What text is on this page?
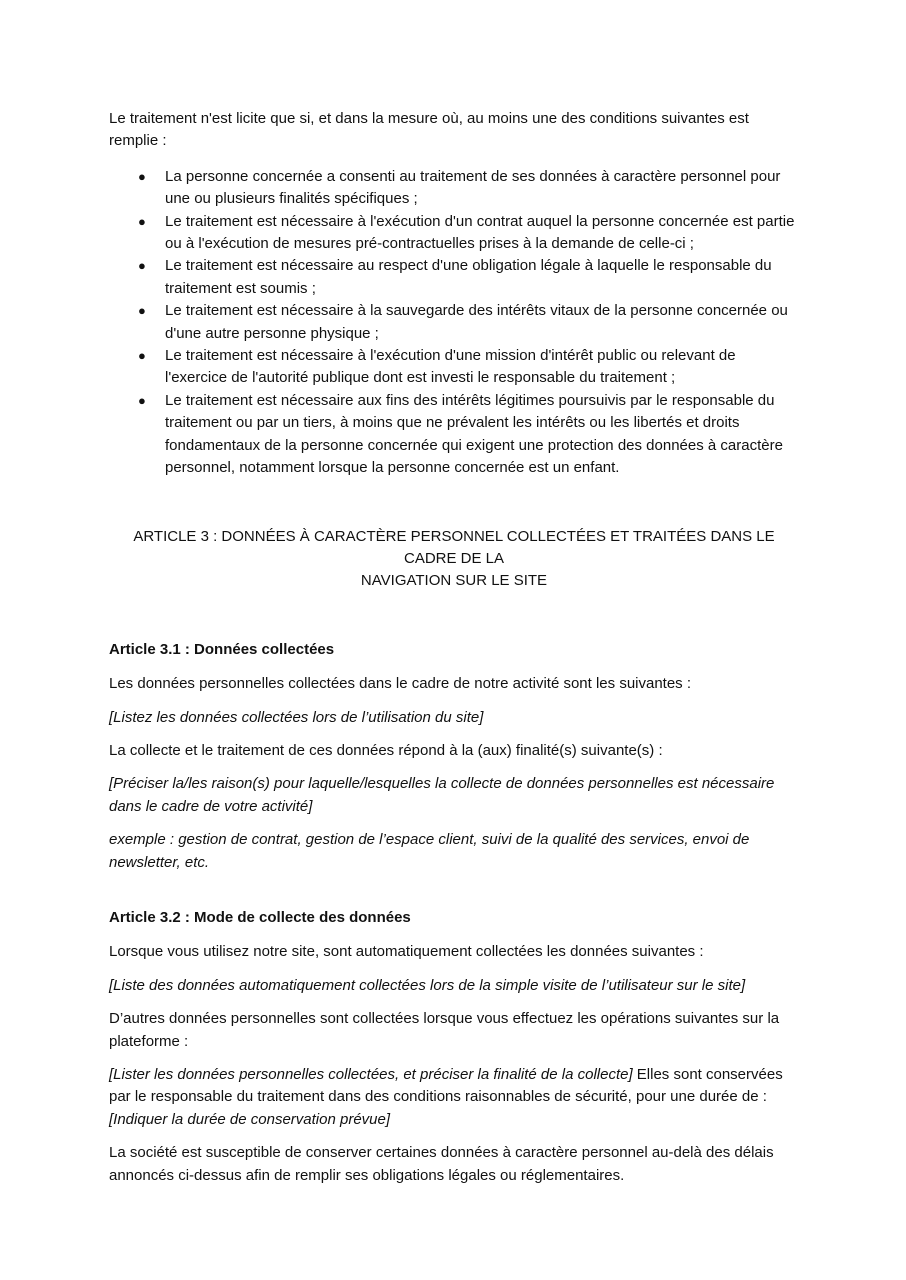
Le traitement n'est licite que si, et dans la mesure où, au moins une des conditions suivantes est remplie :

● La personne concernée a consenti au traitement de ses données à caractère personnel pour une ou plusieurs finalités spécifiques ;
● Le traitement est nécessaire à l'exécution d'un contrat auquel la personne concernée est partie ou à l'exécution de mesures pré-contractuelles prises à la demande de celle-ci ;
● Le traitement est nécessaire au respect d'une obligation légale à laquelle le responsable du traitement est soumis ;
● Le traitement est nécessaire à la sauvegarde des intérêts vitaux de la personne concernée ou d'une autre personne physique ;
● Le traitement est nécessaire à l'exécution d'une mission d'intérêt public ou relevant de l'exercice de l'autorité publique dont est investi le responsable du traitement ;
● Le traitement est nécessaire aux fins des intérêts légitimes poursuivis par le responsable du traitement ou par un tiers, à moins que ne prévalent les intérêts ou les libertés et droits fondamentaux de la personne concernée qui exigent une protection des données à caractère personnel, notamment lorsque la personne concernée est un enfant.
ARTICLE 3 : DONNÉES À CARACTÈRE PERSONNEL COLLECTÉES ET TRAITÉES DANS LE CADRE DE LA
NAVIGATION SUR LE SITE

Article 3.1 : Données collectées

Les données personnelles collectées dans le cadre de notre activité sont les suivantes :

[Listez les données collectées lors de l’utilisation du site]

La collecte et le traitement de ces données répond à la (aux) finalité(s) suivante(s) :

[Préciser la/les raison(s) pour laquelle/lesquelles la collecte de données personnelles est nécessaire dans le cadre de votre activité]

exemple : gestion de contrat, gestion de l’espace client, suivi de la qualité des services, envoi de newsletter, etc.

Article 3.2 : Mode de collecte des données

Lorsque vous utilisez notre site, sont automatiquement collectées les données suivantes :

[Liste des données automatiquement collectées lors de la simple visite de l’utilisateur sur le site]

D’autres données personnelles sont collectées lorsque vous effectuez les opérations suivantes sur la plateforme :

[Lister les données personnelles collectées, et préciser la finalité de la collecte] Elles sont conservées par le responsable du traitement dans des conditions raisonnables de sécurité, pour une durée de : [Indiquer la durée de conservation prévue]

La société est susceptible de conserver certaines données à caractère personnel au-delà des délais annoncés ci-dessus afin de remplir ses obligations légales ou réglementaires.
